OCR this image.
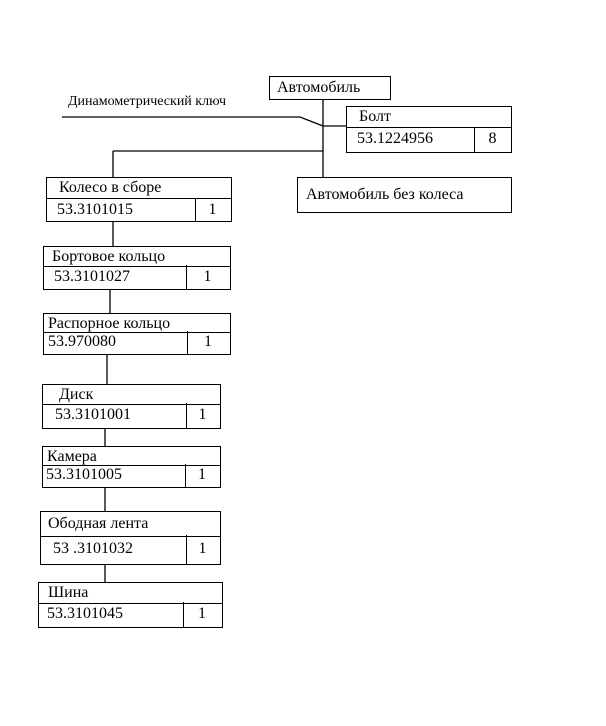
Динамометрический ключ
Автомобиль
Болт
53.1224956	8
Автомобиль без колеса
Колесо в сборе
53.3101015	1
Бортовое кольцо
53.3101027	1
Распорное кольцо
53.970080	1
Диск
53.3101001	1
Камера
53.3101005	1
Ободная лента
53 .3101032	1
Шина
53.3101045	1
